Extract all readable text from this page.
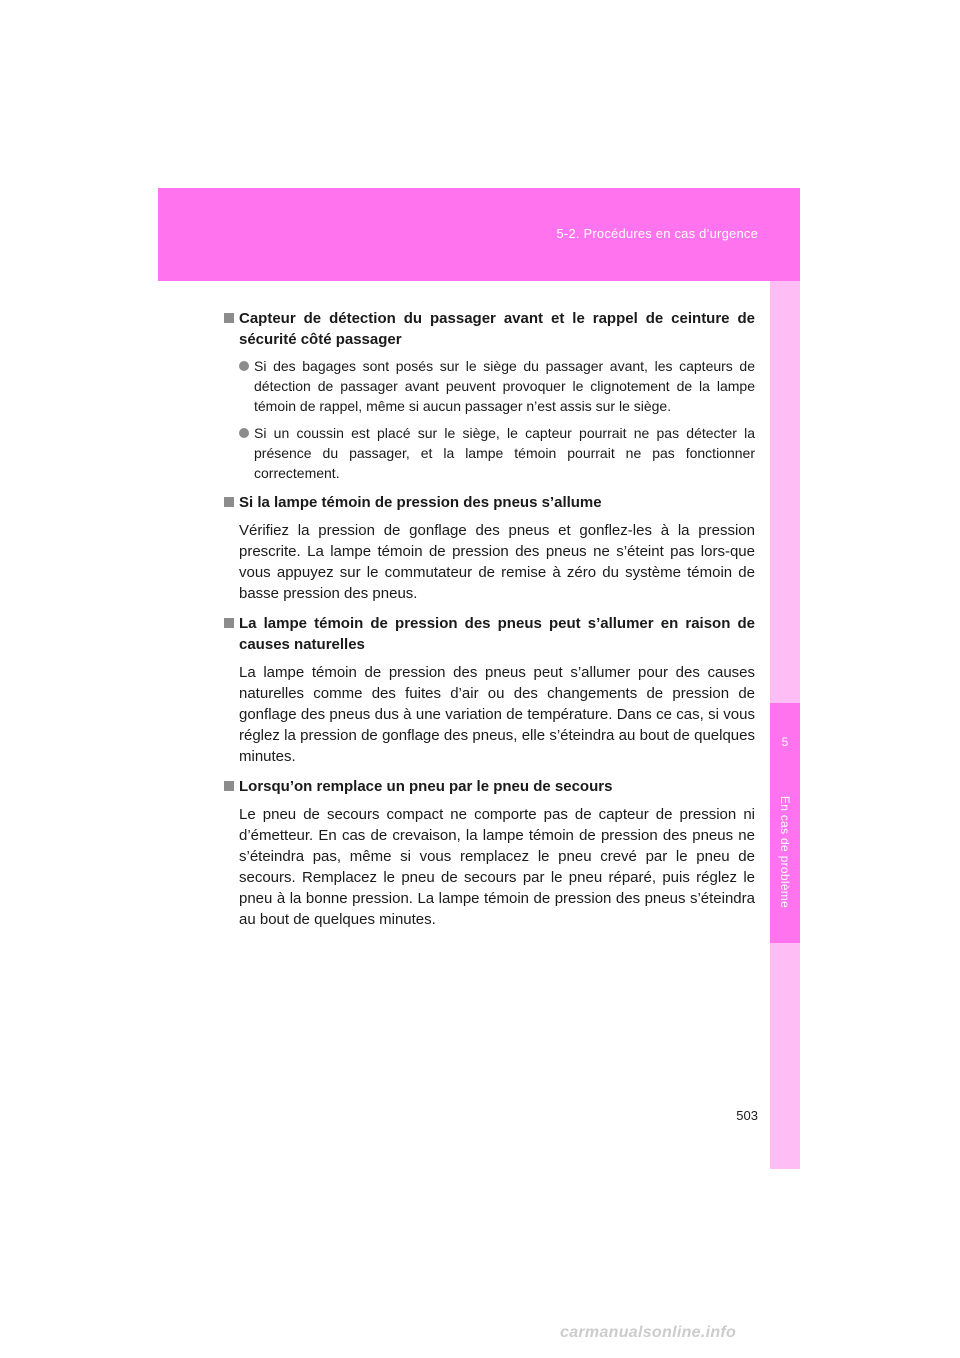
5-2. Procédures en cas d’urgence
5
En cas de problème
Capteur de détection du passager avant et le rappel de ceinture de sécurité côté passager
Si des bagages sont posés sur le siège du passager avant, les capteurs de détection de passager avant peuvent provoquer le clignotement de la lampe témoin de rappel, même si aucun passager n’est assis sur le siège.
Si un coussin est placé sur le siège, le capteur pourrait ne pas détecter la présence du passager, et la lampe témoin pourrait ne pas fonctionner correctement.
Si la lampe témoin de pression des pneus s’allume
Vérifiez la pression de gonflage des pneus et gonflez-les à la pression prescrite. La lampe témoin de pression des pneus ne s’éteint pas lors-que vous appuyez sur le commutateur de remise à zéro du système témoin de basse pression des pneus.
La lampe témoin de pression des pneus peut s’allumer en raison de causes naturelles
La lampe témoin de pression des pneus peut s’allumer pour des causes naturelles comme des fuites d’air ou des changements de pression de gonflage des pneus dus à une variation de température. Dans ce cas, si vous réglez la pression de gonflage des pneus, elle s’éteindra au bout de quelques minutes.
Lorsqu’on remplace un pneu par le pneu de secours
Le pneu de secours compact ne comporte pas de capteur de pression ni d’émetteur. En cas de crevaison, la lampe témoin de pression des pneus ne s’éteindra pas, même si vous remplacez le pneu crevé par le pneu de secours. Remplacez le pneu de secours par le pneu réparé, puis réglez le pneu à la bonne pression. La lampe témoin de pression des pneus s’éteindra au bout de quelques minutes.
503
carmanualsonline.info
